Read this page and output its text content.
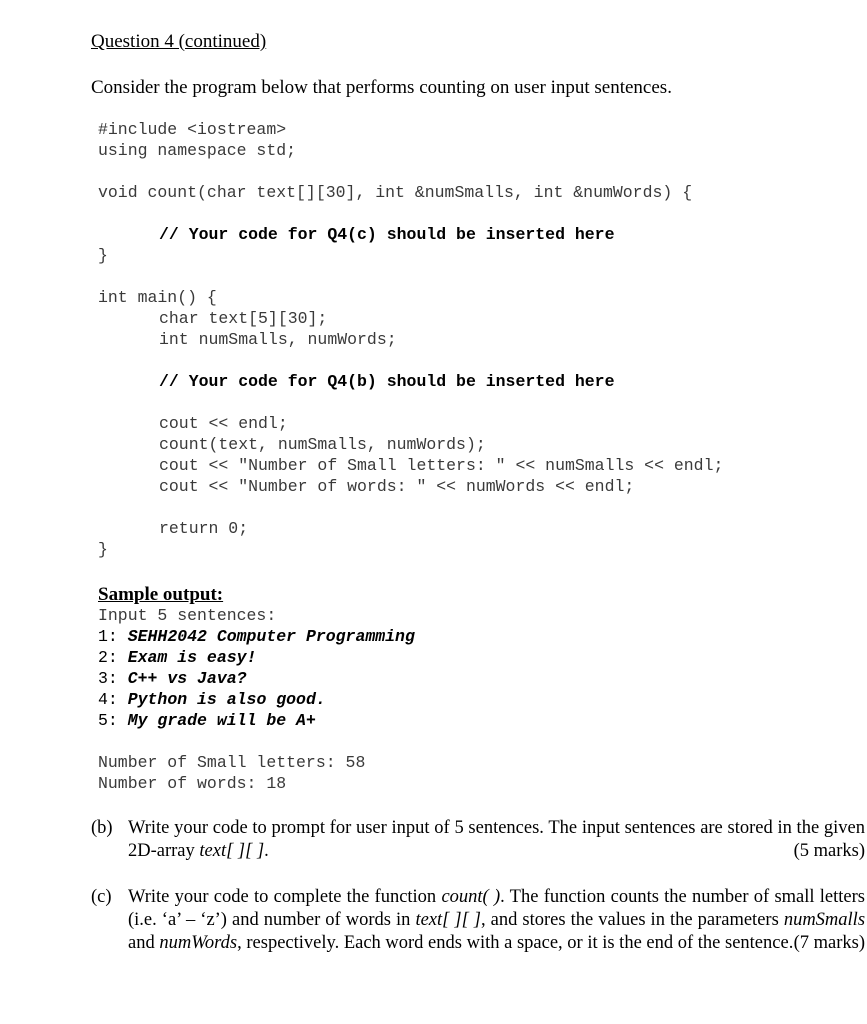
Question 4 (continued)

Consider the program below that performs counting on user input sentences.

#include <iostream>
using namespace std;
void count(char text[][30], int &numSmalls, int &numWords) {
// Your code for Q4(c) should be inserted here
}
int main() {
char text[5][30];
int numSmalls, numWords;
// Your code for Q4(b) should be inserted here
cout << endl;
count(text, numSmalls, numWords);
cout << "Number of Small letters: " << numSmalls << endl;
cout << "Number of words: " << numWords << endl;
return 0;
}
Sample output:
Input 5 sentences:
1: SEHH2042 Computer Programming
2: Exam is easy!
3: C++ vs Java?
4: Python is also good.
5: My grade will be A+
Number of Small letters: 58
Number of words: 18
(b) Write your code to prompt for user input of 5 sentences. The input sentences are stored in the given 2D-array text[ ][ ].	(5 marks)
(c) Write your code to complete the function count( ). The function counts the number of small letters (i.e. ‘a’ – ‘z’) and number of words in text[ ][ ], and stores the values in the parameters numSmalls and numWords, respectively. Each word ends with a space, or it is the end of the sentence. (7 marks)
